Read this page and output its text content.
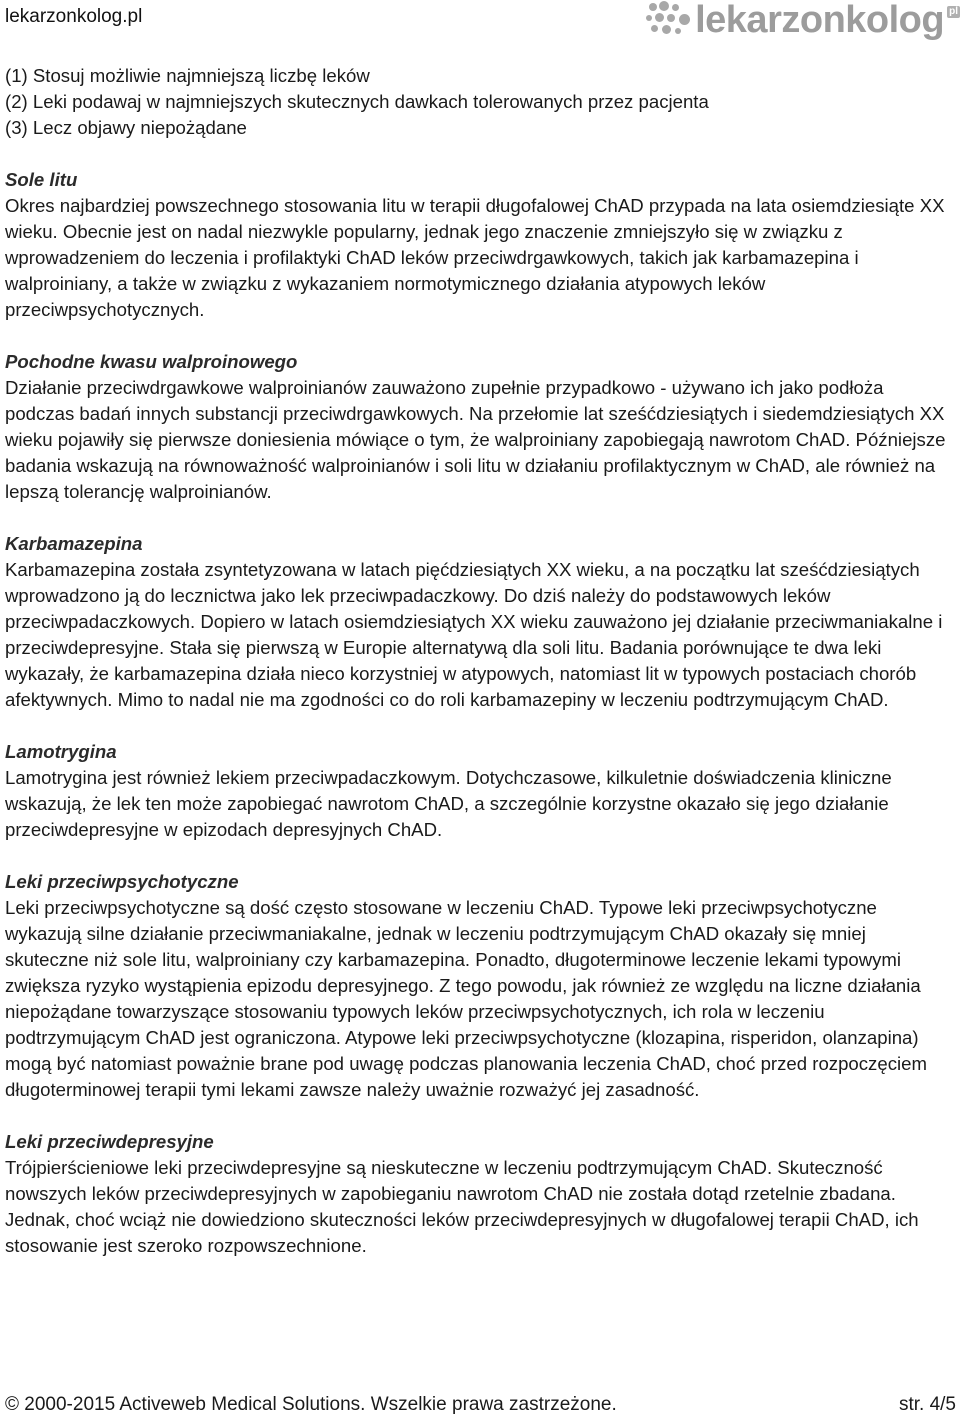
lekarzonkolog.pl	lekarzonkolog pl

(1) Stosuj możliwie najmniejszą liczbę leków

(2) Leki podawaj w najmniejszych skutecznych dawkach tolerowanych przez pacjenta

(3) Lecz objawy niepożądane

Sole litu

Okres najbardziej powszechnego stosowania litu w terapii długofalowej ChAD przypada na lata osiemdziesiąte XX wieku. Obecnie jest on nadal niezwykle popularny, jednak jego znaczenie zmniejszyło się w związku z wprowadzeniem do leczenia i profilaktyki ChAD leków przeciwdrgawkowych, takich jak karbamazepina i walproiniany, a także w związku z wykazaniem normotymicznego działania atypowych leków przeciwpsychotycznych.

Pochodne kwasu walproinowego

Działanie przeciwdrgawkowe walproinianów zauważono zupełnie przypadkowo - używano ich jako podłoża podczas badań innych substancji przeciwdrgawkowych. Na przełomie lat sześćdziesiątych i siedemdziesiątych XX wieku pojawiły się pierwsze doniesienia mówiące o tym, że walproiniany zapobiegają nawrotom ChAD. Późniejsze badania wskazują na równoważność walproinianów i soli litu w działaniu profilaktycznym w ChAD, ale również na lepszą tolerancję walproinianów.

Karbamazepina

Karbamazepina została zsyntetyzowana w latach pięćdziesiątych XX wieku, a na początku lat sześćdziesiątych wprowadzono ją do lecznictwa jako lek przeciwpadaczkowy. Do dziś należy do podstawowych leków przeciwpadaczkowych. Dopiero w latach osiemdziesiątych XX wieku zauważono jej działanie przeciwmaniakalne i przeciwdepresyjne. Stała się pierwszą w Europie alternatywą dla soli litu. Badania porównujące te dwa leki wykazały, że karbamazepina działa nieco korzystniej w atypowych, natomiast lit w typowych postaciach chorób afektywnych. Mimo to nadal nie ma zgodności co do roli karbamazepiny w leczeniu podtrzymującym ChAD.

Lamotrygina

Lamotrygina jest również lekiem przeciwpadaczkowym. Dotychczasowe, kilkuletnie doświadczenia kliniczne wskazują, że lek ten może zapobiegać nawrotom ChAD, a szczególnie korzystne okazało się jego działanie przeciwdepresyjne w epizodach depresyjnych ChAD.

Leki przeciwpsychotyczne

Leki przeciwpsychotyczne są dość często stosowane w leczeniu ChAD. Typowe leki przeciwpsychotyczne wykazują silne działanie przeciwmaniakalne, jednak w leczeniu podtrzymującym ChAD okazały się mniej skuteczne niż sole litu, walproiniany czy karbamazepina. Ponadto, długoterminowe leczenie lekami typowymi zwiększa ryzyko wystąpienia epizodu depresyjnego. Z tego powodu, jak również ze względu na liczne działania niepożądane towarzyszące stosowaniu typowych leków przeciwpsychotycznych, ich rola w leczeniu podtrzymującym ChAD jest ograniczona. Atypowe leki przeciwpsychotyczne (klozapina, risperidon, olanzapina) mogą być natomiast poważnie brane pod uwagę podczas planowania leczenia ChAD, choć przed rozpoczęciem długoterminowej terapii tymi lekami zawsze należy uważnie rozważyć jej zasadność.

Leki przeciwdepresyjne

Trójpierścieniowe leki przeciwdepresyjne są nieskuteczne w leczeniu podtrzymującym ChAD. Skuteczność nowszych leków przeciwdepresyjnych w zapobieganiu nawrotom ChAD nie została dotąd rzetelnie zbadana. Jednak, choć wciąż nie dowiedziono skuteczności leków przeciwdepresyjnych w długofalowej terapii ChAD, ich stosowanie jest szeroko rozpowszechnione.

© 2000-2015 Activeweb Medical Solutions. Wszelkie prawa zastrzeżone.	str. 4/5
